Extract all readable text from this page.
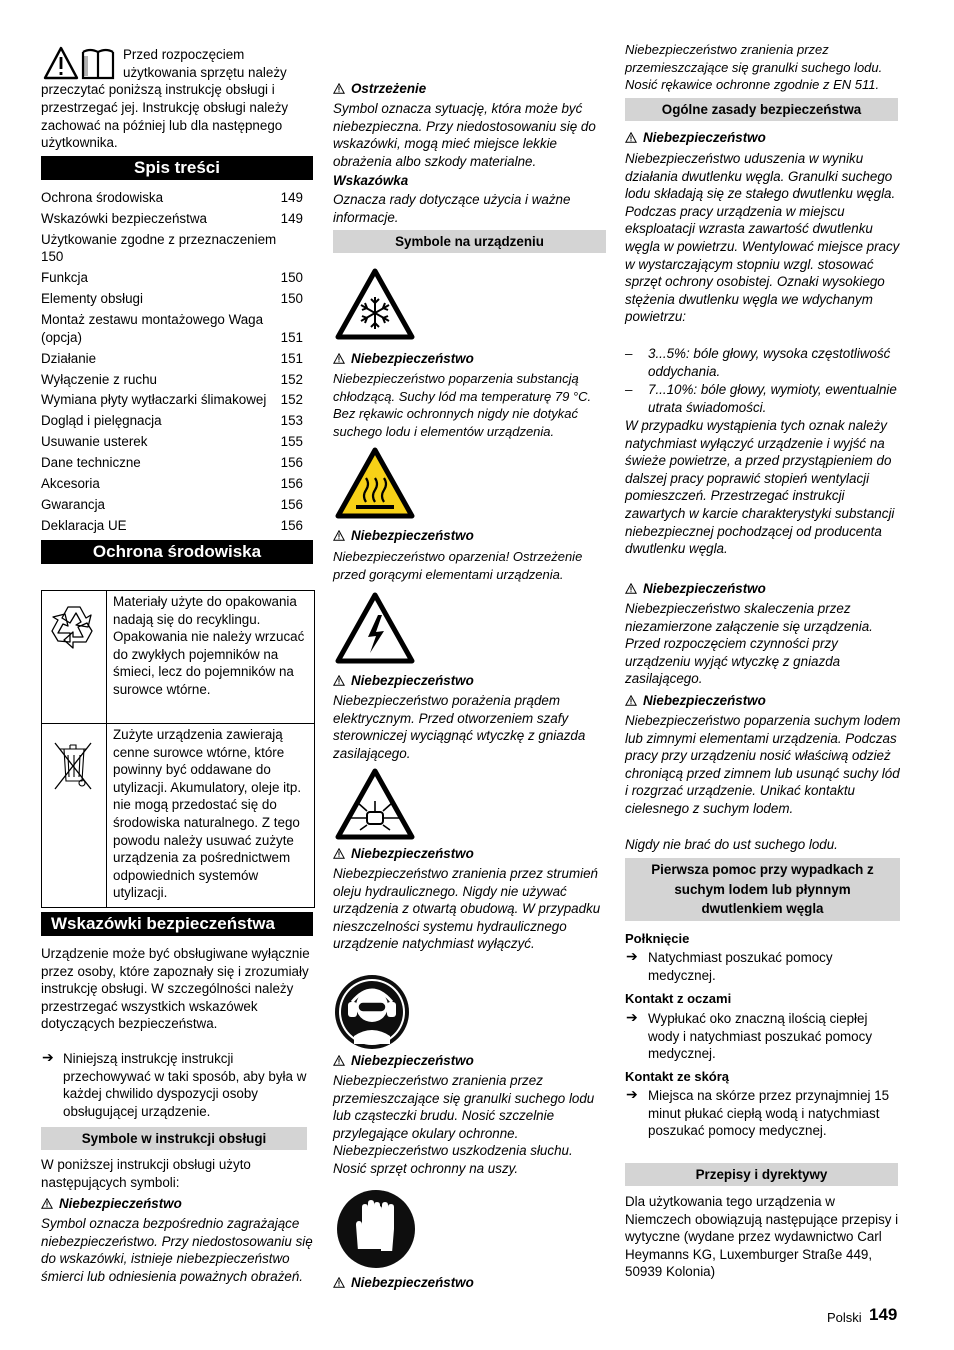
Przed rozpoczęciem
użytkowania sprzętu należy
przeczytać poniższą instrukcję obsługi i
przestrzegać jej. Instrukcję obsługi należy
zachować na później lub dla następnego
użytkownika.
Spis treści
Ochrona środowiska	149
Wskazówki bezpieczeństwa	149
Użytkowanie zgodne z przeznaczeniem
150
Funkcja	150
Elementy obsługi	150
Montaż zestawu montażowego Waga (opcja)	151
Działanie	151
Wyłączenie z ruchu	152
Wymiana płyty wytłaczarki ślimakowej 152
Dogląd i pielęgnacja	153
Usuwanie usterek	155
Dane techniczne	156
Akcesoria	156
Gwarancja	156
Deklaracja UE	156
Ochrona środowiska
Materiały użyte do opakowania nadają się do recyklingu. Opakowania nie należy wrzucać do zwykłych pojemników na śmieci, lecz do pojemników na surowce wtórne.
Zużyte urządzenia zawierają cenne surowce wtórne, które powinny być oddawane do utylizacji. Akumulatory, oleje itp. nie mogą przedostać się do środowiska naturalnego. Z tego powodu należy usuwać zużyte urządzenia za pośrednictwem odpowiednich systemów utylizacji.
Wskazówki bezpieczeństwa
Urządzenie może być obsługiwane wyłącznie przez osoby, które zapoznały się i zrozumiały instrukcję obsługi. W szczególności należy przestrzegać wszystkich wskazówek dotyczących bezpieczeństwa.
➔ Niniejszą instrukcję instrukcji przechowywać w taki sposób, aby była w każdej chwilido dyspozycji osoby obsługującej urządzenie.
Symbole w instrukcji obsługi
W poniższej instrukcji obsługi użyto następujących symboli:
Niebezpieczeństwo
Symbol oznacza bezpośrednio zagrażające niebezpieczeństwo. Przy niedostosowaniu się do wskazówki, istnieje niebezpieczeństwo śmierci lub odniesienia poważnych obrażeń.
Ostrzeżenie
Symbol oznacza sytuację, która może być niebezpieczna. Przy niedostosowaniu się do wskazówki, mogą mieć miejsce lekkie obrażenia albo szkody materialne.
Wskazówka
Oznacza rady dotyczące użycia i ważne informacje.
Symbole na urządzeniu
Niebezpieczeństwo
Niebezpieczeństwo poparzenia substancją chłodzącą. Suchy lód ma temperaturę 79 °C. Bez rękawic ochronnych nigdy nie dotykać suchego lodu i elementów urządzenia.
Niebezpieczeństwo
Niebezpieczeństwo oparzenia! Ostrzeżenie przed gorącymi elementami urządzenia.
Niebezpieczeństwo
Niebezpieczeństwo porażenia prądem elektrycznym. Przed otworzeniem szafy sterowniczej wyciągnąć wtyczkę z gniazda zasilającego.
Niebezpieczeństwo
Niebezpieczeństwo zranienia przez strumień oleju hydraulicznego. Nigdy nie używać urządzenia z otwartą obudową. W przypadku nieszczelności systemu hydraulicznego urządzenie natychmiast wyłączyć.
Niebezpieczeństwo
Niebezpieczeństwo zranienia przez przemieszczające się granulki suchego lodu lub cząsteczki brudu. Nosić szczelnie przylegające okulary ochronne. Niebezpieczeństwo uszkodzenia słuchu. Nosić sprzęt ochronny na uszy.
Niebezpieczeństwo
Niebezpieczeństwo zranienia przez przemieszczające się granulki suchego lodu. Nosić rękawice ochronne zgodnie z EN 511.
Ogólne zasady bezpieczeństwa
Niebezpieczeństwo
Niebezpieczeństwo uduszenia w wyniku działania dwutlenku węgla. Granulki suchego lodu składają się ze stałego dwutlenku węgla. Podczas pracy urządzenia w miejscu eksploatacji wzrasta zawartość dwutlenku węgla w powietrzu. Wentylować miejsce pracy w wystarczającym stopniu wzgl. stosować sprzęt ochrony osobistej. Oznaki wysokiego stężenia dwutlenku węgla we wdychanym powietrzu:
– 3...5%: bóle głowy, wysoka częstotliwość oddychania.
– 7...10%: bóle głowy, wymioty, ewentualnie utrata świadomości.
W przypadku wystąpienia tych oznak należy natychmiast wyłączyć urządzenie i wyjść na świeże powietrze, a przed przystąpieniem do dalszej pracy poprawić stopień wentylacji pomieszczeń. Przestrzegać instrukcji zawartych w karcie charakterystyki substancji niebezpiecznej pochodzącej od producenta dwutlenku węgla.
Niebezpieczeństwo
Niebezpieczeństwo skaleczenia przez niezamierzone załączenie się urządzenia. Przed rozpoczęciem czynności przy urządzeniu wyjąć wtyczkę z gniazda zasilającego.
Niebezpieczeństwo
Niebezpieczeństwo poparzenia suchym lodem lub zimnymi elementami urządzenia. Podczas pracy przy urządzeniu nosić właściwą odzież chroniącą przed zimnem lub usunąć suchy lód i rozgrzać urządzenie. Unikać kontaktu cielesnego z suchym lodem.
Nigdy nie brać do ust suchego lodu.
Pierwsza pomoc przy wypadkach z
suchym lodem lub płynnym
dwutlenkiem węgla
Połknięcie
➔ Natychmiast poszukać pomocy medycznej.
Kontakt z oczami
➔ Wypłukać oko znaczną ilością ciepłej wody i natychmiast poszukać pomocy medycznej.
Kontakt ze skórą
➔ Miejsca na skórze przez przynajmniej 15 minut płukać ciepłą wodą i natychmiast poszukać pomocy medycznej.
Przepisy i dyrektywy
Dla użytkowania tego urządzenia w Niemczech obowiązują następujące przepisy i wytyczne (wydane przez wydawnictwo Carl Heymanns KG, Luxemburger Straße 449, 50939 Kolonia)
Polski 149
